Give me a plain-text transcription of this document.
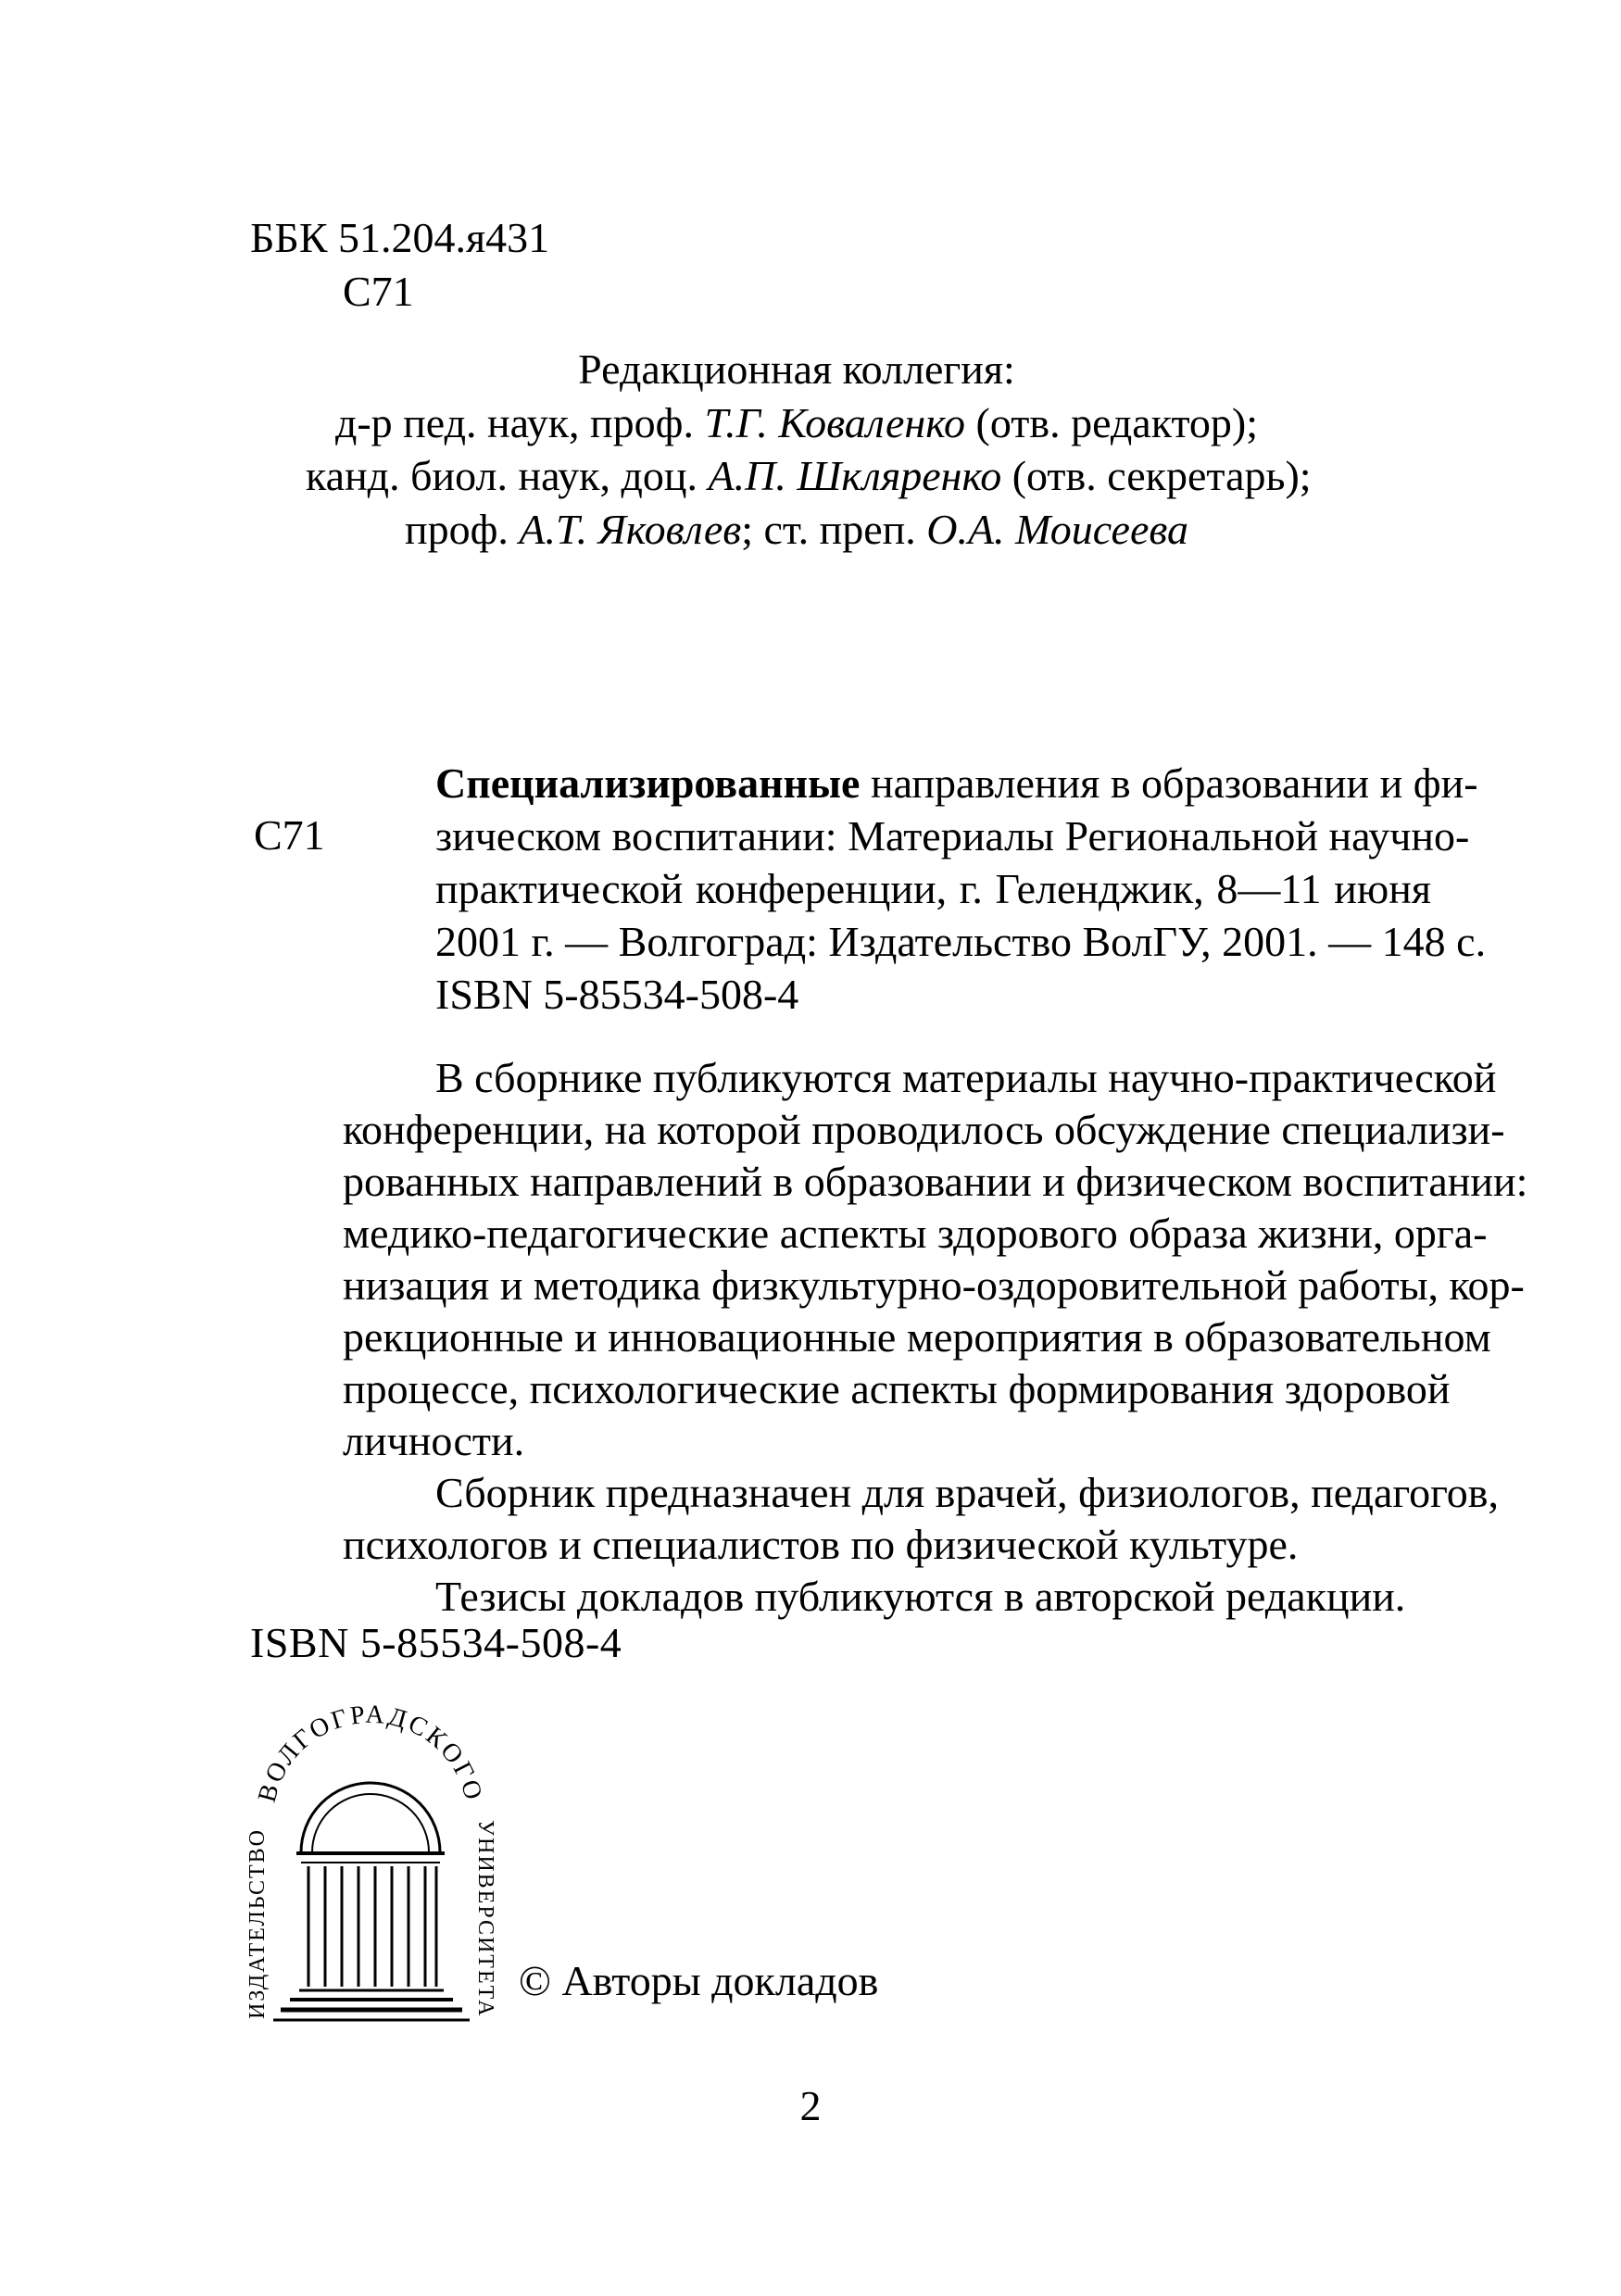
ББК 51.204.я431
С71
Редакционная коллегия:
д-р пед. наук, проф. Т.Г. Коваленко (отв. редактор);
канд. биол. наук, доц. А.П. Шкляренко (отв. секретарь);
проф. А.Т. Яковлев; ст. преп. О.А. Моисеева
С71
Специализированные направления в образовании и фи-
зическом воспитании: Материалы Региональной научно-
практической конференции, г. Геленджик, 8—11 июня
2001 г. — Волгоград: Издательство ВолГУ, 2001. — 148 с.
ISBN 5-85534-508-4
В сборнике публикуются материалы научно-практической
конференции, на которой проводилось обсуждение специализи-
рованных направлений в образовании и физическом воспитании:
медико-педагогические аспекты здорового образа жизни, орга-
низация и методика физкультурно-оздоровительной работы, кор-
рекционные и инновационные мероприятия в образовательном
процессе, психологические аспекты формирования здоровой
личности.
Сборник предназначен для врачей, физиологов, педагогов,
психологов и специалистов по физической культуре.
Тезисы докладов публикуются в авторской редакции.
ISBN 5-85534-508-4
ВОЛГОГРАДСКОГО
ИЗДАТЕЛЬСТВО	УНИВЕРСИТЕТА © Авторы докладов
2
